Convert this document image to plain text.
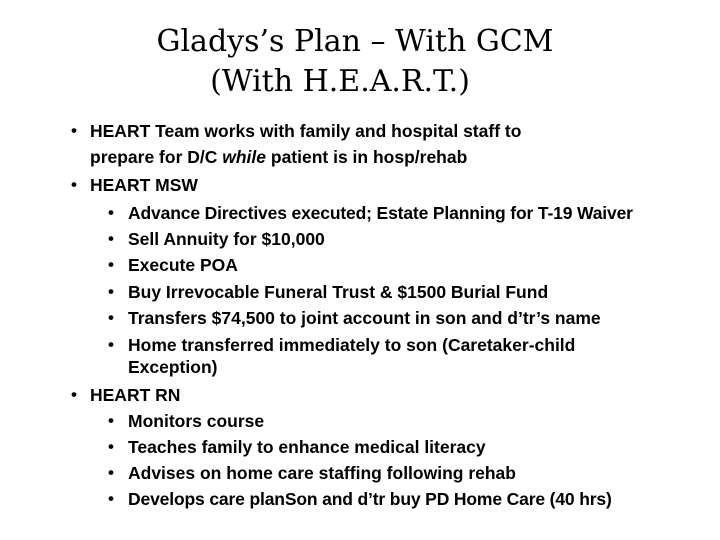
Gladys’s Plan – With GCM
(With H.E.A.R.T.)
• HEART Team works with family and hospital staff to
prepare for D/C while patient is in hosp/rehab
• HEART MSW
• Advance Directives executed; Estate Planning for T-19 Waiver
• Sell Annuity for $10,000
• Execute POA
• Buy Irrevocable Funeral Trust & $1500 Burial Fund
• Transfers $74,500 to joint account in son and d’tr’s name
• Home transferred immediately to son (Caretaker-child
Exception)
• HEART RN
• Monitors course
• Teaches family to enhance medical literacy
• Advises on home care staffing following rehab
• Develops care planSon and d’tr buy PD Home Care (40 hrs)
